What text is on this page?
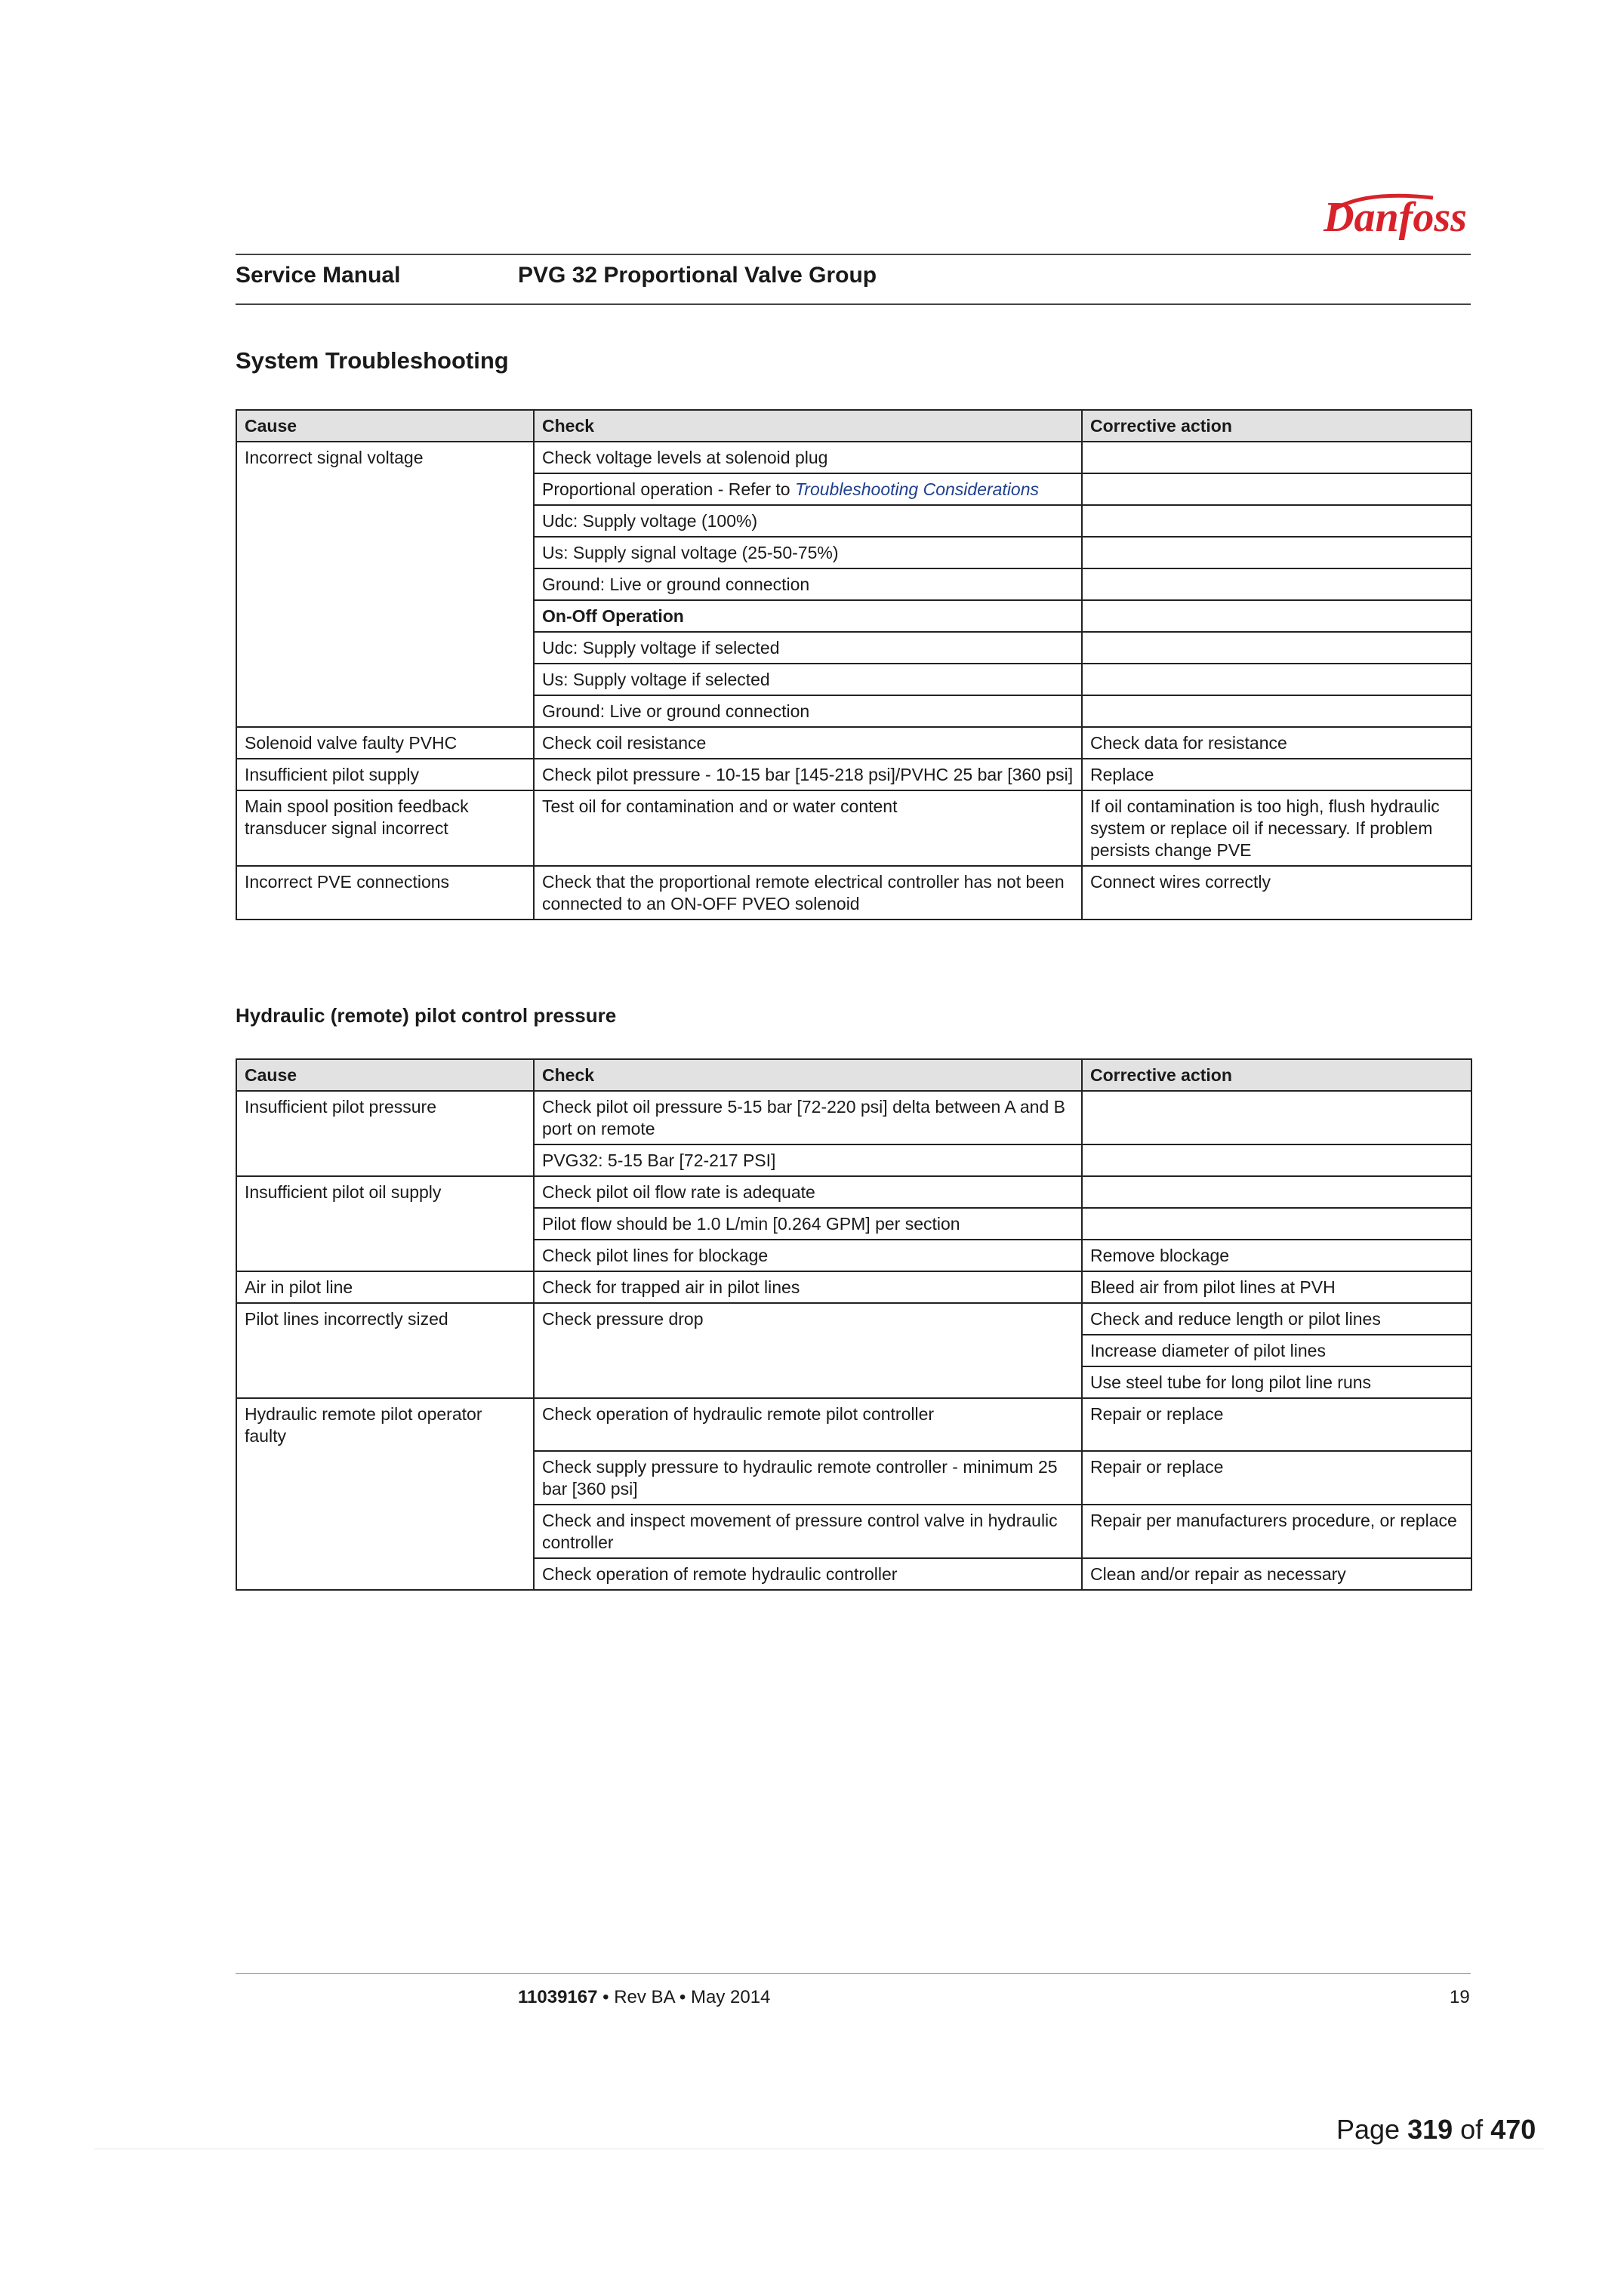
Danfoss
Service Manual	PVG 32 Proportional Valve Group
System Troubleshooting
Cause	Check	Corrective action
Incorrect signal voltage	Check voltage levels at solenoid plug	
	Proportional operation - Refer to Troubleshooting Considerations	
	Udc: Supply voltage (100%)	
	Us: Supply signal voltage (25-50-75%)	
	Ground: Live or ground connection	
	On-Off Operation	
	Udc: Supply voltage if selected	
	Us: Supply voltage if selected	
	Ground: Live or ground connection	
Solenoid valve faulty PVHC	Check coil resistance	Check data for resistance
Insufficient pilot supply	Check pilot pressure - 10-15 bar [145-218 psi]/PVHC 25 bar [360 psi]	Replace
Main spool position feedback transducer signal incorrect	Test oil for contamination and or water content	If oil contamination is too high, flush hydraulic system or replace oil if necessary. If problem persists change PVE
Incorrect PVE connections	Check that the proportional remote electrical controller has not been connected to an ON-OFF PVEO solenoid	Connect wires correctly
Hydraulic (remote) pilot control pressure
Cause	Check	Corrective action
Insufficient pilot pressure	Check pilot oil pressure 5-15 bar [72-220 psi] delta between A and B port on remote	
	PVG32: 5-15 Bar [72-217 PSI]	
Insufficient pilot oil supply	Check pilot oil flow rate is adequate	
	Pilot flow should be 1.0 L/min [0.264 GPM] per section	
	Check pilot lines for blockage	Remove blockage
Air in pilot line	Check for trapped air in pilot lines	Bleed air from pilot lines at PVH
Pilot lines incorrectly sized	Check pressure drop	Check and reduce length or pilot lines
		Increase diameter of pilot lines
		Use steel tube for long pilot line runs
Hydraulic remote pilot operator faulty	Check operation of hydraulic remote pilot controller	Repair or replace
	Check supply pressure to hydraulic remote controller - minimum 25 bar [360 psi]	Repair or replace
	Check and inspect movement of pressure control valve in hydraulic controller	Repair per manufacturers procedure, or replace
	Check operation of remote hydraulic controller	Clean and/or repair as necessary
11039167 • Rev BA • May 2014	19
Page 319 of 470
